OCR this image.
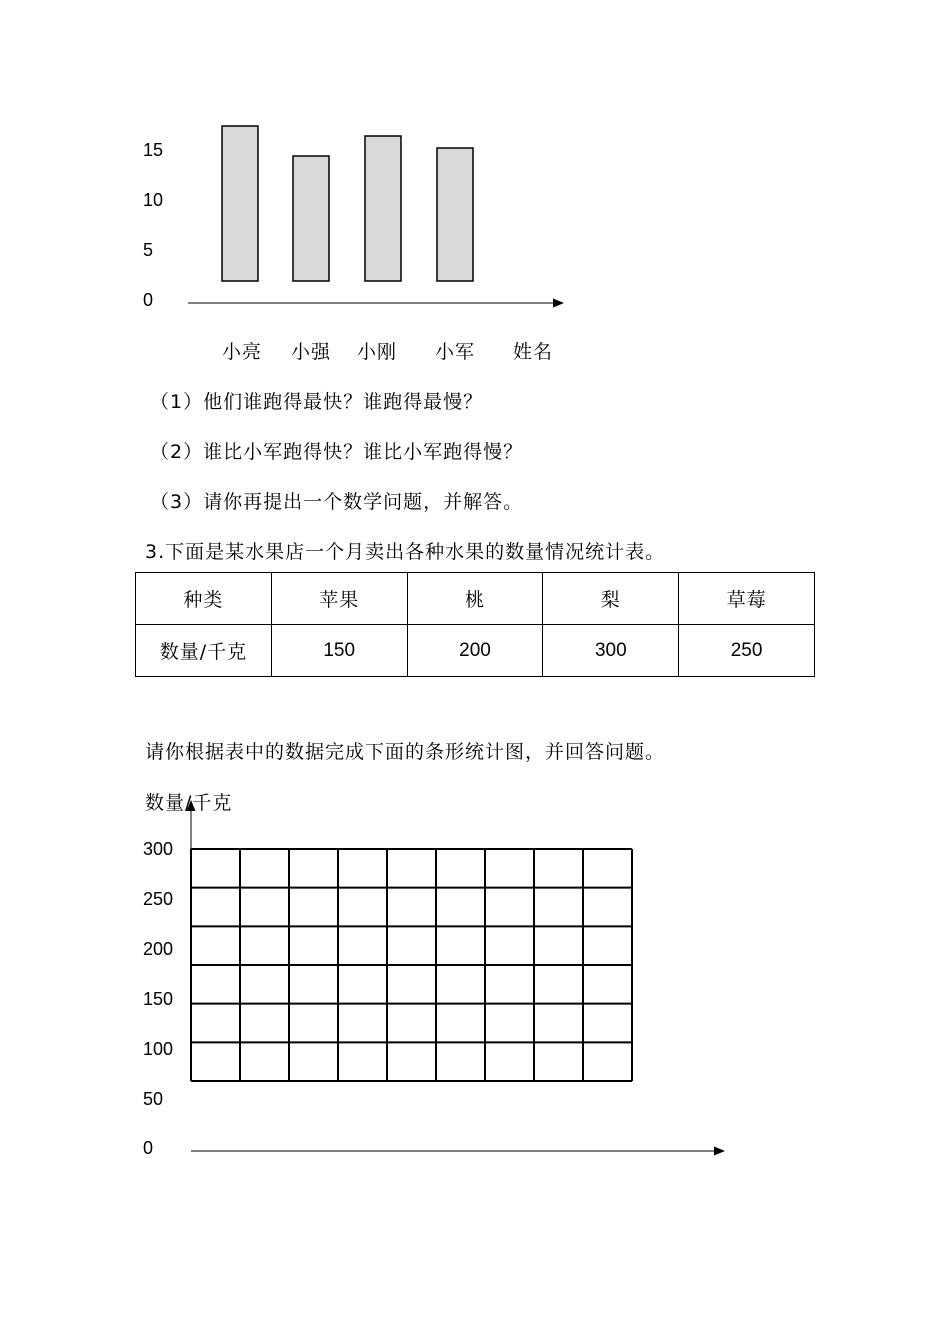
15
10
5
0
小亮 小强 小刚 小军 姓名
（1）他们谁跑得最快？谁跑得最慢？
（2）谁比小军跑得快？谁比小军跑得慢？
（3）请你再提出一个数学问题，并解答。
3.下面是某水果店一个月卖出各种水果的数量情况统计表。
种类	苹果	桃	梨	草莓
数量/千克	150	200	300	250
请你根据表中的数据完成下面的条形统计图，并回答问题。
数量/千克
300
250
200
150
100
50
0
